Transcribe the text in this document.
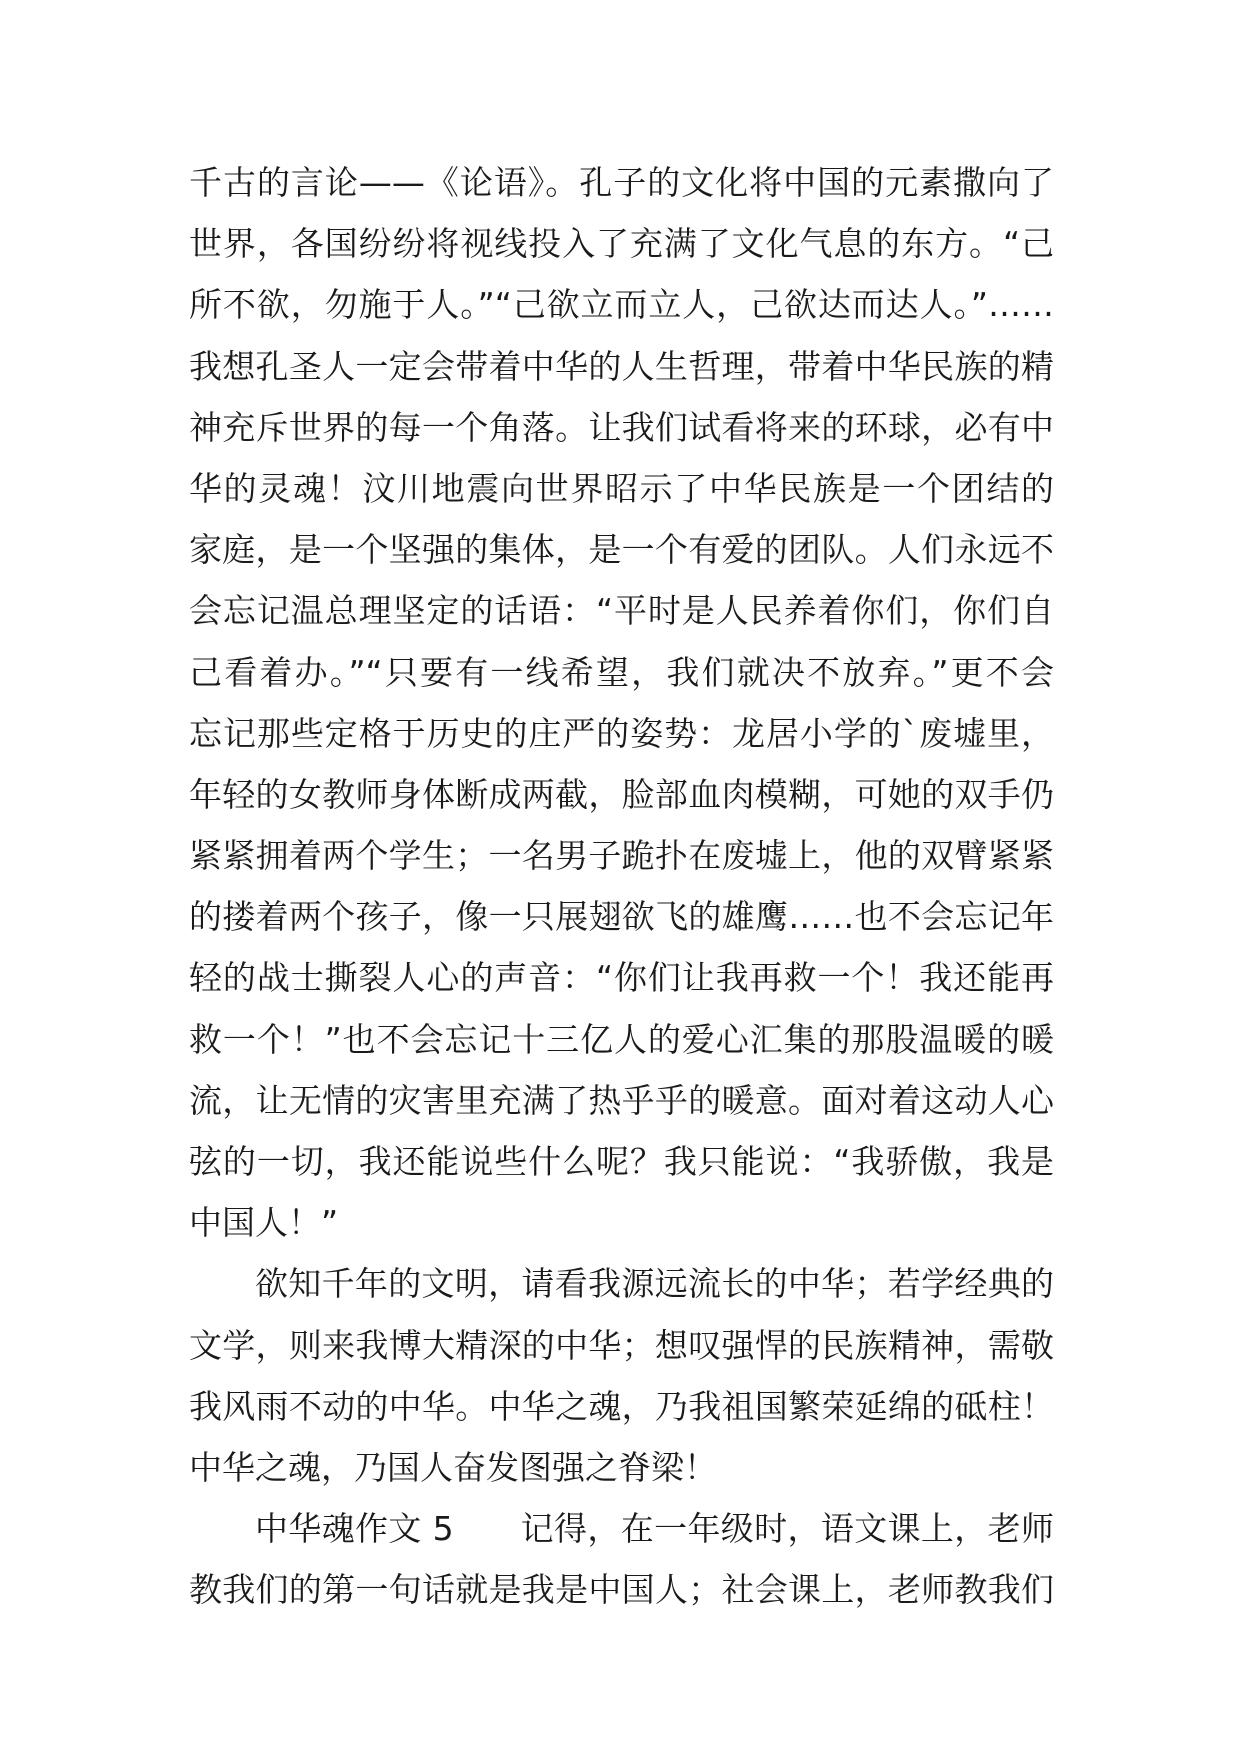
千古的言论——《论语》。孔子的文化将中国的元素撒向了
世界，各国纷纷将视线投入了充满了文化气息的东方。“己
所不欲，勿施于人。”“己欲立而立人，己欲达而达人。”……
我想孔圣人一定会带着中华的人生哲理，带着中华民族的精
神充斥世界的每一个角落。让我们试看将来的环球，必有中
华的灵魂！汶川地震向世界昭示了中华民族是一个团结的
家庭，是一个坚强的集体，是一个有爱的团队。人们永远不
会忘记温总理坚定的话语：“平时是人民养着你们，你们自
己看着办。”“只要有一线希望，我们就决不放弃。”更不会
忘记那些定格于历史的庄严的姿势：龙居小学的`废墟里，
年轻的女教师身体断成两截，脸部血肉模糊，可她的双手仍
紧紧拥着两个学生；一名男子跪扑在废墟上，他的双臂紧紧
的搂着两个孩子，像一只展翅欲飞的雄鹰……也不会忘记年
轻的战士撕裂人心的声音：“你们让我再救一个！我还能再
救一个！”也不会忘记十三亿人的爱心汇集的那股温暖的暖
流，让无情的灾害里充满了热乎乎的暖意。面对着这动人心
弦的一切，我还能说些什么呢？我只能说：“我骄傲，我是
中国人！”
欲知千年的文明，请看我源远流长的中华；若学经典的
文学，则来我博大精深的中华；想叹强悍的民族精神，需敬
我风雨不动的中华。中华之魂，乃我祖国繁荣延绵的砥柱！
中华之魂，乃国人奋发图强之脊梁！
中华魂作文 5　　记得，在一年级时，语文课上，老师
教我们的第一句话就是我是中国人；社会课上，老师教我们
